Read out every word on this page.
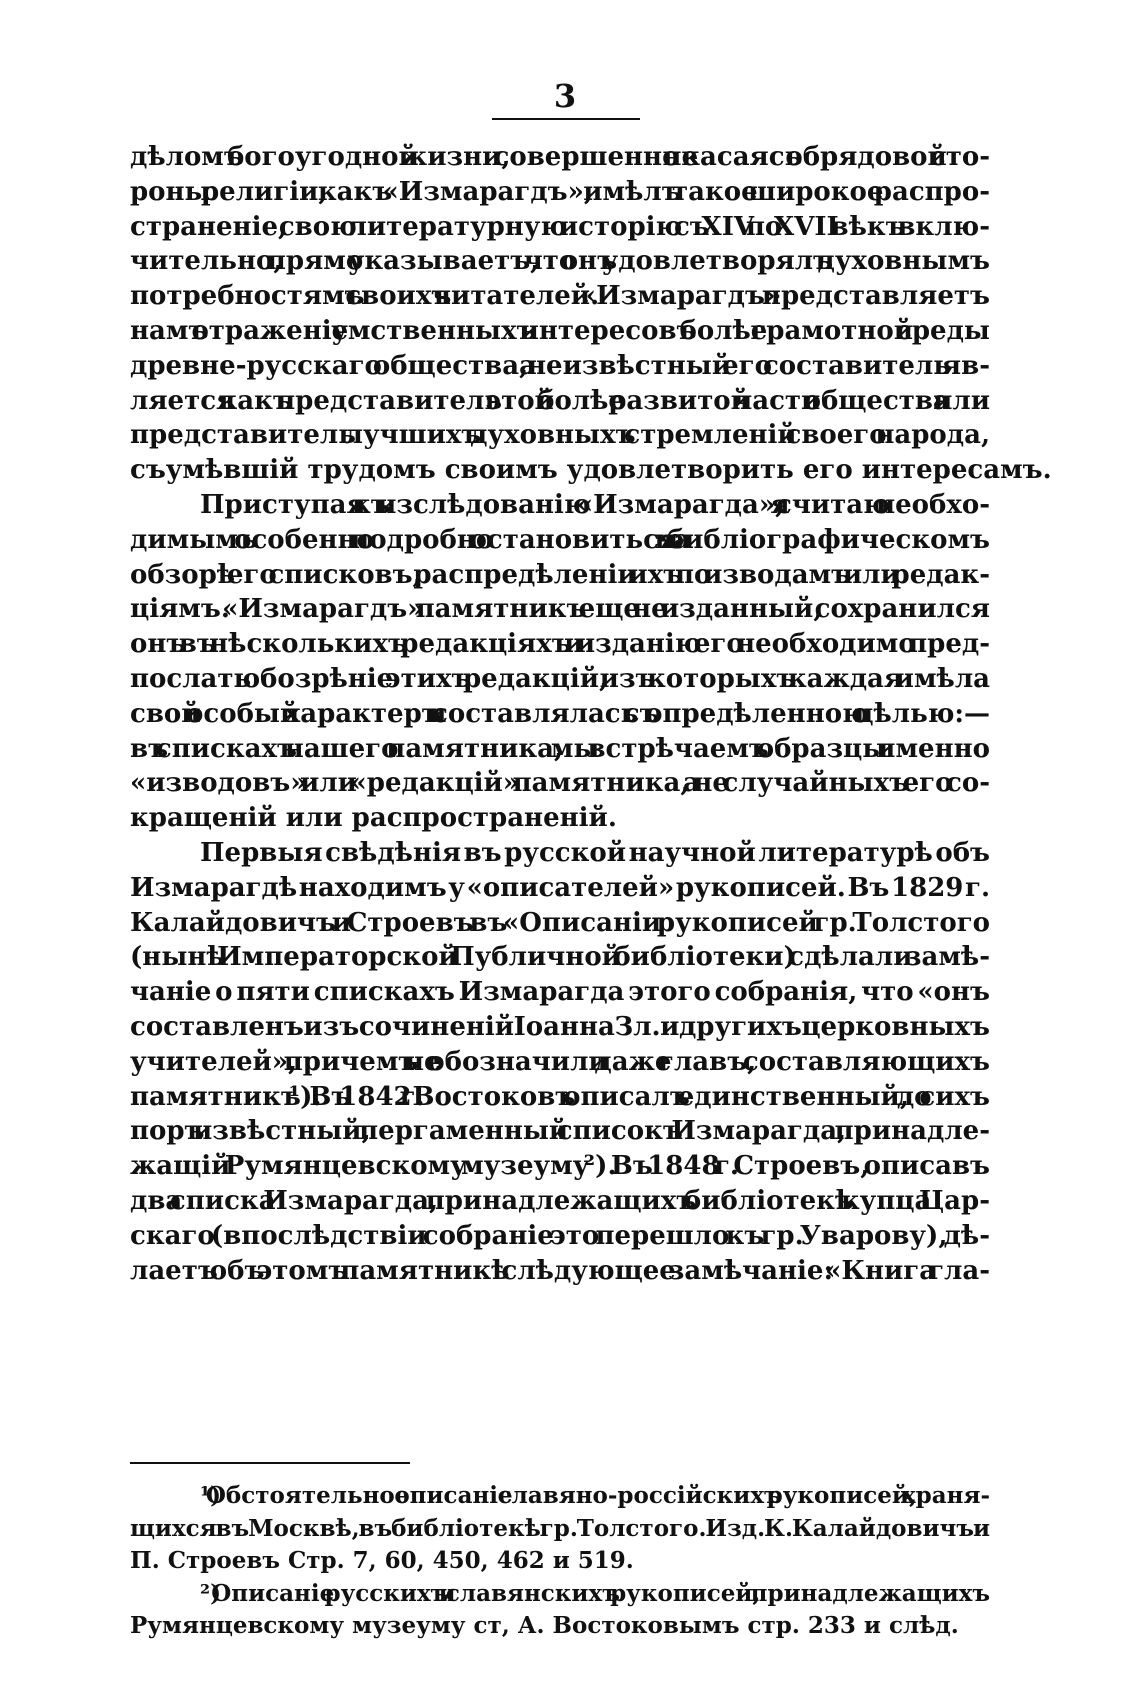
3
дѣломъ богоугодной жизни, совершенно не касаясь обрядовой сто-
роны религіи, какъ «Измарагдъ», имѣлъ такое широкое распро-
страненіе, свою литературную исторію съ XIV по XVII вѣкъ вклю-
чительно, прямо указываетъ, что онъ удовлетворялъ духовнымъ
потребностямъ своихъ читателей. «Измарагдъ» представляетъ
намъ отраженіе умственныхъ интересовъ болѣе грамотной среды
древне-русскаго общества, а неизвѣстный его составитель яв-
ляется какъ представитель этой болѣе развитой части общества или
представитель лучшихъ духовныхъ стремленій своего народа,
съумѣвшій трудомъ своимъ удовлетворить его интересамъ.
Приступая къ изслѣдованію «Измарагда», я считаю необхо-
димымъ особенно подробно остановиться на библіографическомъ
обзорѣ его списковъ, распредѣленіи ихъ по изводамъ или редак-
ціямъ. «Измарагдъ» памятникъ еще не изданный, сохранился
онъ въ нѣсколькихъ редакціяхъ и изданію его необходимо пред-
послать обозрѣніе этихъ редакцій, изъ которыхъ каждая имѣла
свой особый характеръ и составлялась съ опредѣленною цѣлью:—
въ спискахъ нашего памятника, мы встрѣчаемъ образцы именно
«изводовъ» или «редакцій» памятника, а не случайныхъ его со-
кращеній или распространеній.
Первыя свѣдѣнія въ русской научной литературѣ объ
Измарагдѣ находимъ у «описателей» рукописей. Въ 1829 г.
Калайдовичъ и Строевъ въ «Описаніи рукописей гр. Толстого
(нынѣ Императорской Публичной библіотеки) сдѣлали замѣ-
чаніе о пяти спискахъ Измарагда этого собранія, что «онъ
составленъ изъ сочиненій Іоанна Зл. и другихъ церковныхъ
учителей», причемъ не обозначили даже главъ, составляющихъ
памятникъ ¹). Въ 1842 г. Востоковъ описалъ единственный, до сихъ
поръ извѣстный, пергаменный списокъ Измарагда, принадле-
жащій Румянцевскому музеуму ²). Въ 1848 г. Строевъ, описавъ
два списка Измарагда, принадлежащихъ библіотекѣ купца Цар-
скаго (впослѣдствіи собраніе это перешло къ гр. Уварову), дѣ-
лаетъ объ этомъ памятникѣ слѣдующее замѣчаніе: «Книга гла-
¹) Обстоятельное описаніе славяно-россійскихъ рукописей, храня-
щихся въ Москвѣ, въ библіотекѣ гр. Толстого. Изд. К. Калайдовичъ и
П. Строевъ Стр. 7, 60, 450, 462 и 519.
²) Описаніе русскихъ и славянскихъ рукописей, принадлежащихъ
Румянцевскому музеуму ст, А. Востоковымъ стр. 233 и слѣд.
